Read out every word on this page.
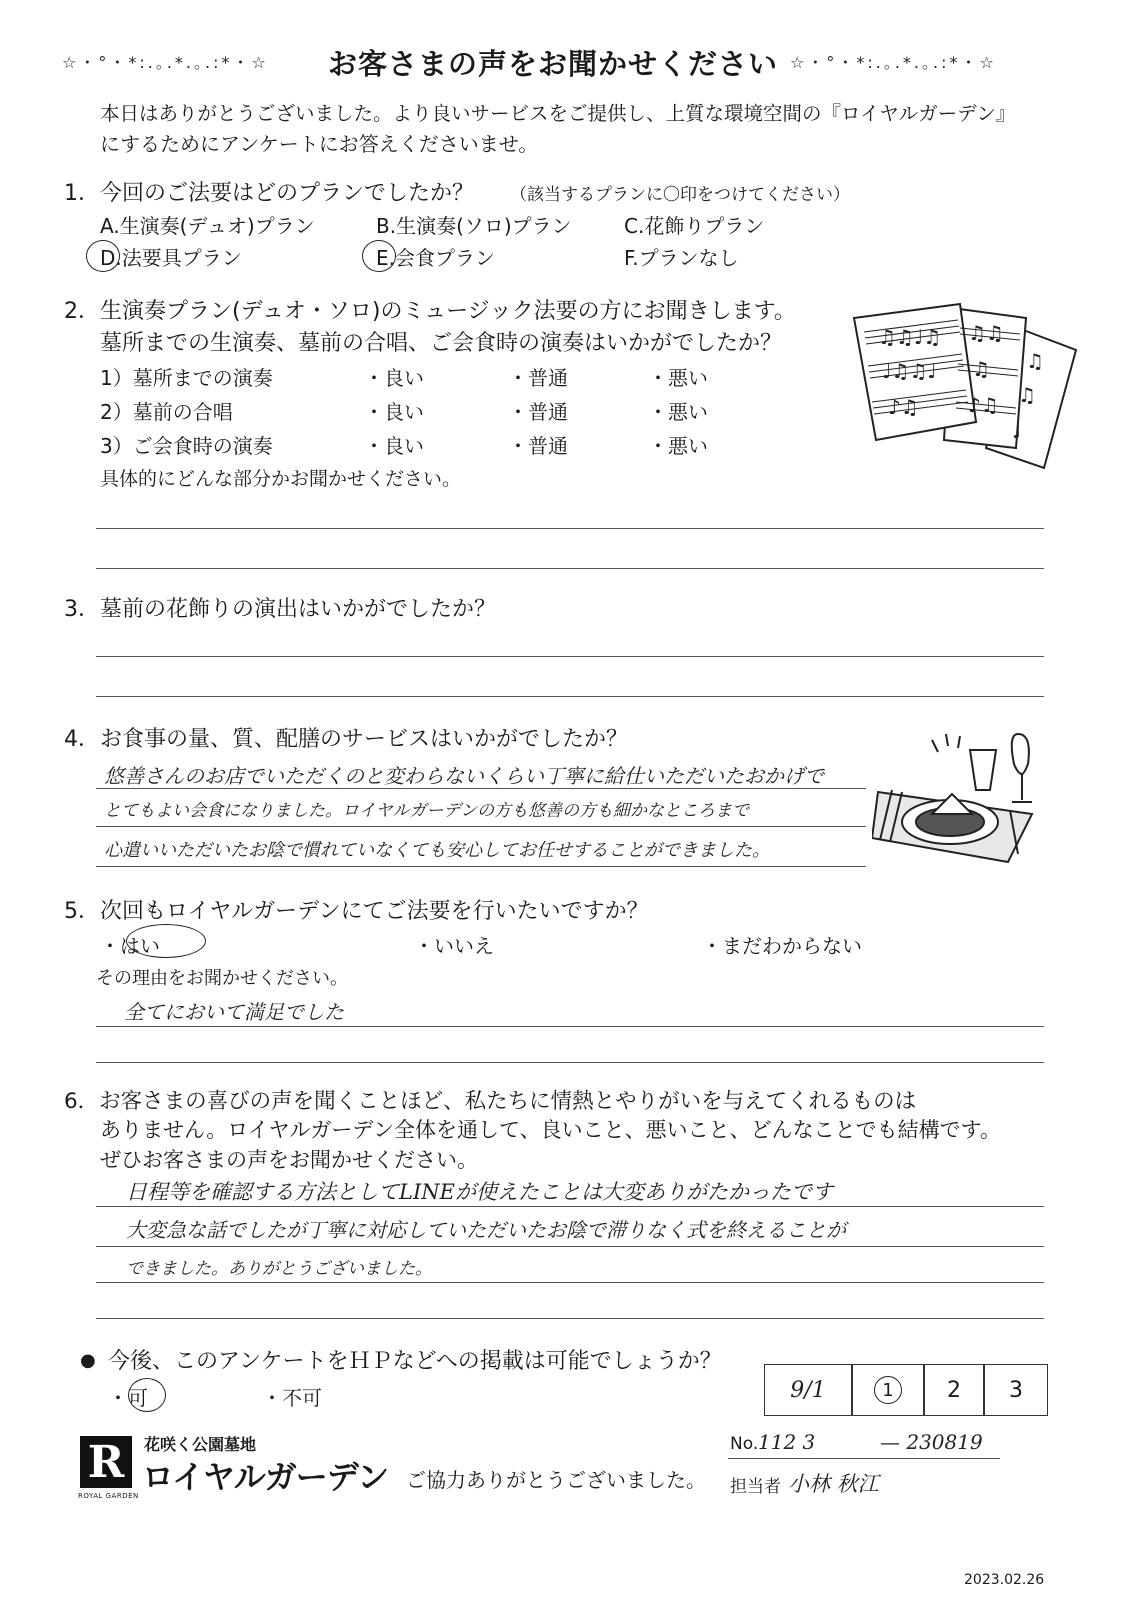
☆・°・*:.｡.*.｡.:*・☆ お客さまの声をお聞かせください ☆・°・*:.｡.*.｡.:*・☆
本日はありがとうございました。より良いサービスをご提供し、上質な環境空間の『ロイヤルガーデン』
にするためにアンケートにお答えくださいませ。
1．今回のご法要はどのプランでしたか？ （該当するプランに〇印をつけてください）
A.生演奏(デュオ)プラン	B.生演奏(ソロ)プラン	C.花飾りプラン
D.法要具プラン	E.会食プラン	F.プランなし
2．生演奏プラン(デュオ・ソロ)のミュージック法要の方にお聞きします。
墓所までの生演奏、墓前の合唱、ご会食時の演奏はいかがでしたか？
1）墓所までの演奏	・良い	・普通	・悪い
2）墓前の合唱	・良い	・普通	・悪い
3）ご会食時の演奏	・良い	・普通	・悪い
具体的にどんな部分かお聞かせください。
♫♫♩♫
♩♫♫♩
♪♫
♫♫
♫
♪♫
♫
♫
♩
3．墓前の花飾りの演出はいかがでしたか？
4．お食事の量、質、配膳のサービスはいかがでしたか？
悠善さんのお店でいただくのと変わらないくらい丁寧に給仕いただいたおかげで
とてもよい会食になりました。ロイヤルガーデンの方も悠善の方も細かなところまで
心遣いいただいたお陰で慣れていなくても安心してお任せすることができました。
5．次回もロイヤルガーデンにてご法要を行いたいですか？
・はい	・いいえ	・まだわからない
その理由をお聞かせください。
全てにおいて満足でした
6．お客さまの喜びの声を聞くことほど、私たちに情熱とやりがいを与えてくれるものは
ありません。ロイヤルガーデン全体を通して、良いこと、悪いこと、どんなことでも結構です。
ぜひお客さまの声をお聞かせください。
日程等を確認する方法としてLINEが使えたことは大変ありがたかったです
大変急な話でしたが丁寧に対応していただいたお陰で滞りなく式を終えることが
できました。ありがとうございました。
● 今後、このアンケートをＨＰなどへの掲載は可能でしょうか？
・可	・不可	9/1	1	2	3
R
ROYAL GARDEN
花咲く公園墓地
ロイヤルガーデン ご協力ありがとうございました。
No. 112 3	— 230819
担当者 小林 秋江
2023.02.26
